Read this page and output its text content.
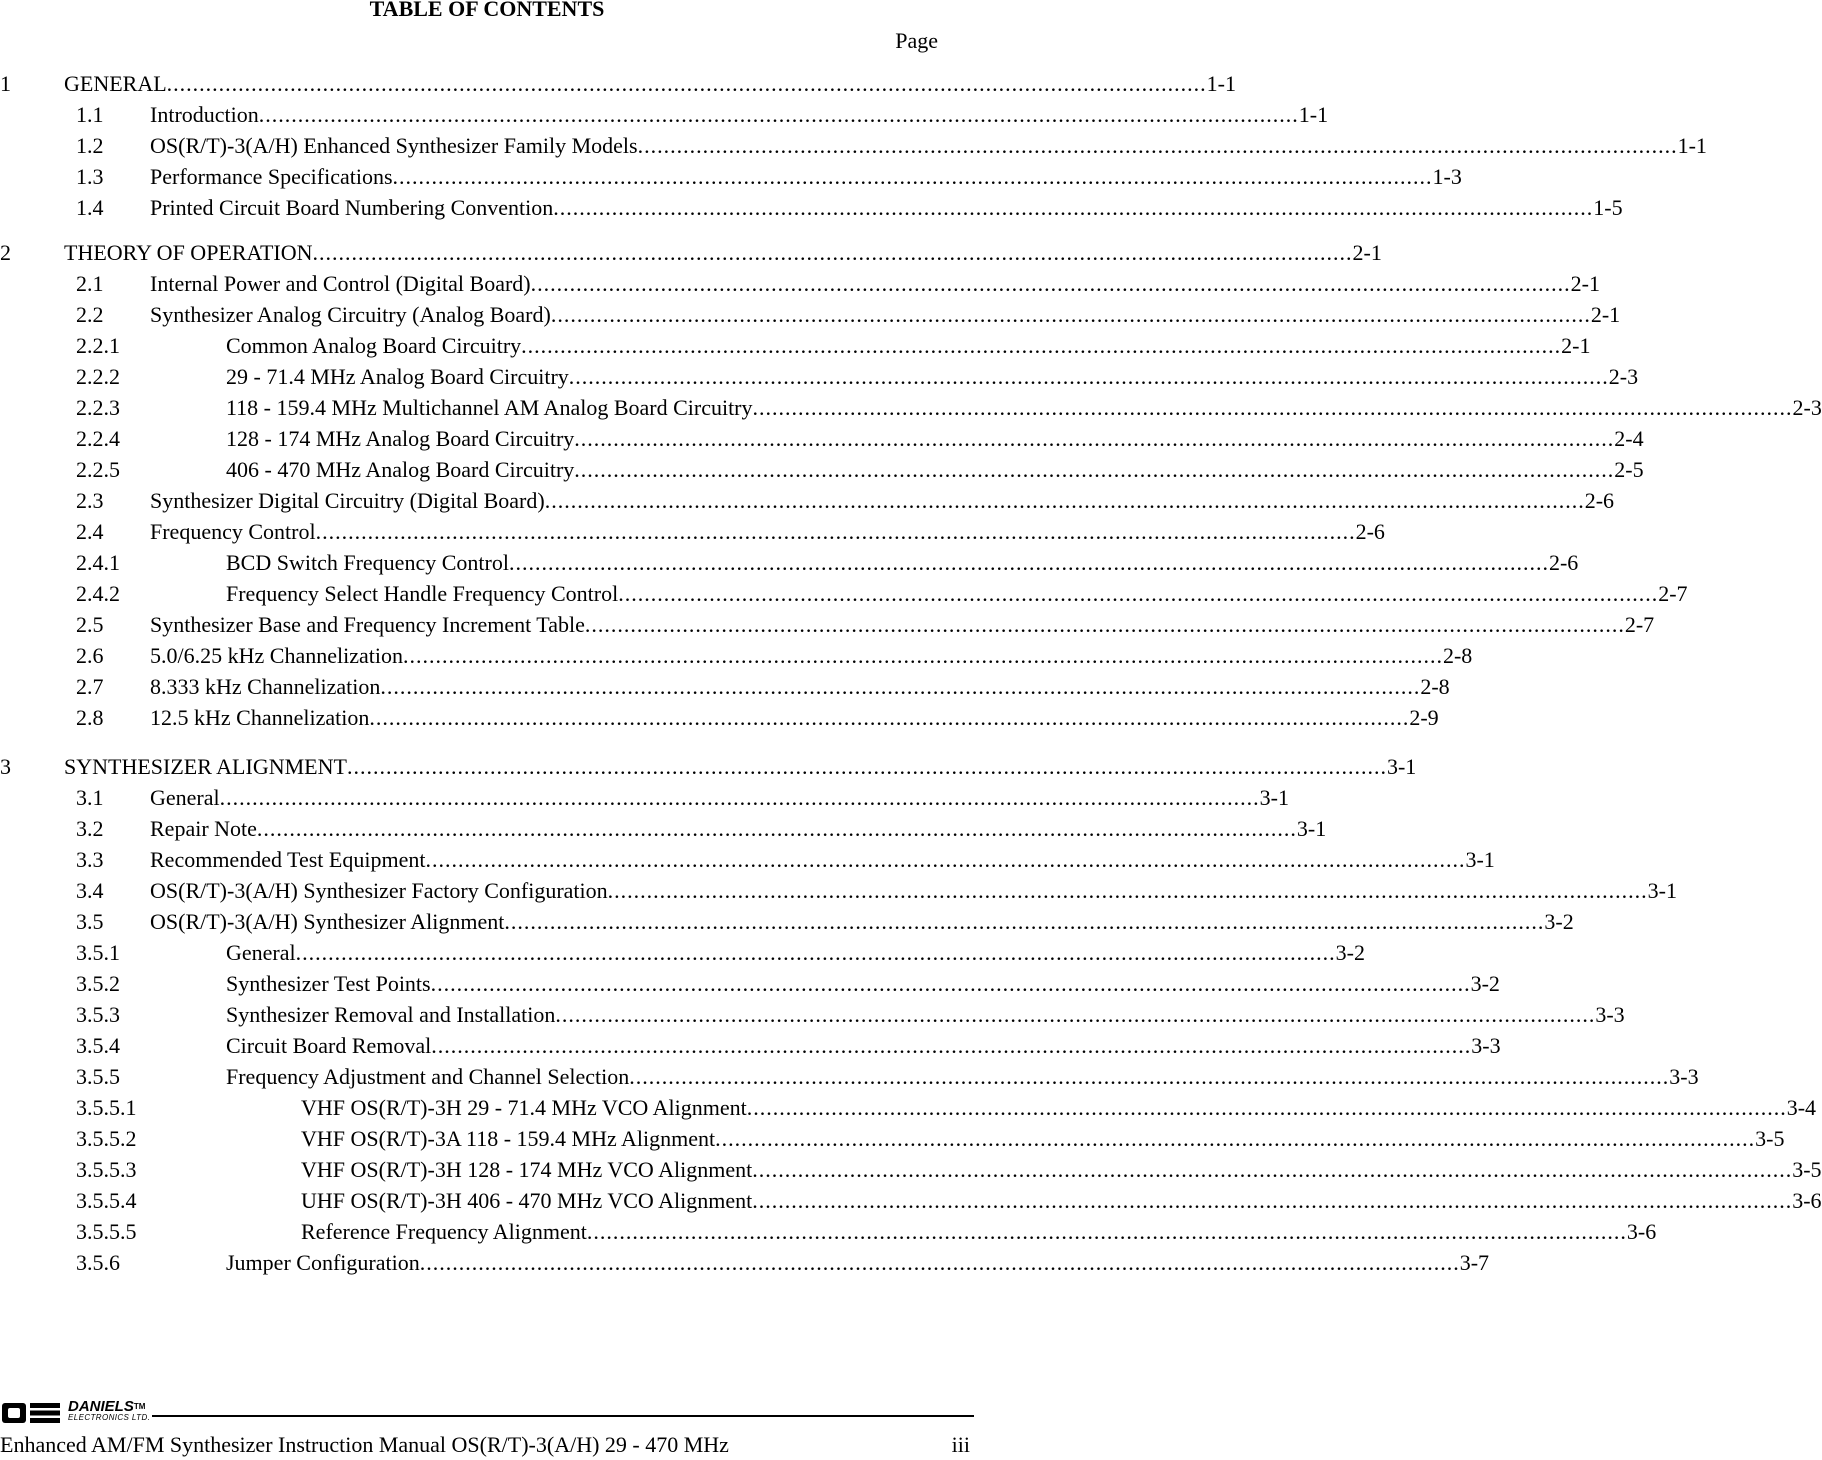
TABLE OF CONTENTS
Page
1 GENERAL ................................................................................................................................................................ 1-1
1.1 Introduction ................................................................................................................................................................ 1-1
1.2 OS(R/T)-3(A/H) Enhanced Synthesizer Family Models ................................................................................................................................................................ 1-1
1.3 Performance Specifications ................................................................................................................................................................ 1-3
1.4 Printed Circuit Board Numbering Convention ................................................................................................................................................................ 1-5
2 THEORY OF OPERATION ................................................................................................................................................................ 2-1
2.1 Internal Power and Control (Digital Board) ................................................................................................................................................................ 2-1
2.2 Synthesizer Analog Circuitry (Analog Board) ................................................................................................................................................................ 2-1
2.2.1	Common Analog Board Circuitry ................................................................................................................................................................ 2-1
2.2.2	29 - 71.4 MHz Analog Board Circuitry ................................................................................................................................................................ 2-3
2.2.3	118 - 159.4 MHz Multichannel AM Analog Board Circuitry ................................................................................................................................................................ 2-3
2.2.4	128 - 174 MHz Analog Board Circuitry ................................................................................................................................................................ 2-4
2.2.5	406 - 470 MHz Analog Board Circuitry ................................................................................................................................................................ 2-5
2.3 Synthesizer Digital Circuitry (Digital Board) ................................................................................................................................................................ 2-6
2.4 Frequency Control ................................................................................................................................................................ 2-6
2.4.1	BCD Switch Frequency Control ................................................................................................................................................................ 2-6
2.4.2	Frequency Select Handle Frequency Control ................................................................................................................................................................ 2-7
2.5 Synthesizer Base and Frequency Increment Table ................................................................................................................................................................ 2-7
2.6 5.0/6.25 kHz Channelization ................................................................................................................................................................ 2-8
2.7 8.333 kHz Channelization ................................................................................................................................................................ 2-8
2.8 12.5 kHz Channelization ................................................................................................................................................................ 2-9
3 SYNTHESIZER ALIGNMENT ................................................................................................................................................................ 3-1
3.1 General ................................................................................................................................................................ 3-1
3.2 Repair Note ................................................................................................................................................................ 3-1
3.3 Recommended Test Equipment ................................................................................................................................................................ 3-1
3.4 OS(R/T)-3(A/H) Synthesizer Factory Configuration ................................................................................................................................................................ 3-1
3.5 OS(R/T)-3(A/H) Synthesizer Alignment ................................................................................................................................................................ 3-2
3.5.1	General ................................................................................................................................................................ 3-2
3.5.2	Synthesizer Test Points ................................................................................................................................................................ 3-2
3.5.3	Synthesizer Removal and Installation ................................................................................................................................................................ 3-3
3.5.4	Circuit Board Removal ................................................................................................................................................................ 3-3
3.5.5	Frequency Adjustment and Channel Selection ................................................................................................................................................................ 3-3
3.5.5.1	VHF OS(R/T)-3H 29 - 71.4 MHz VCO Alignment ................................................................................................................................................................ 3-4
3.5.5.2	VHF OS(R/T)-3A 118 - 159.4 MHz Alignment ................................................................................................................................................................ 3-5
3.5.5.3	VHF OS(R/T)-3H 128 - 174 MHz VCO Alignment ................................................................................................................................................................ 3-5
3.5.5.4	UHF OS(R/T)-3H 406 - 470 MHz VCO Alignment ................................................................................................................................................................ 3-6
3.5.5.5	Reference Frequency Alignment ................................................................................................................................................................ 3-6
3.5.6	Jumper Configuration ................................................................................................................................................................ 3-7
DANIELS™
ELECTRONICS LTD.
Enhanced AM/FM Synthesizer Instruction Manual OS(R/T)-3(A/H) 29 - 470 MHz	iii
